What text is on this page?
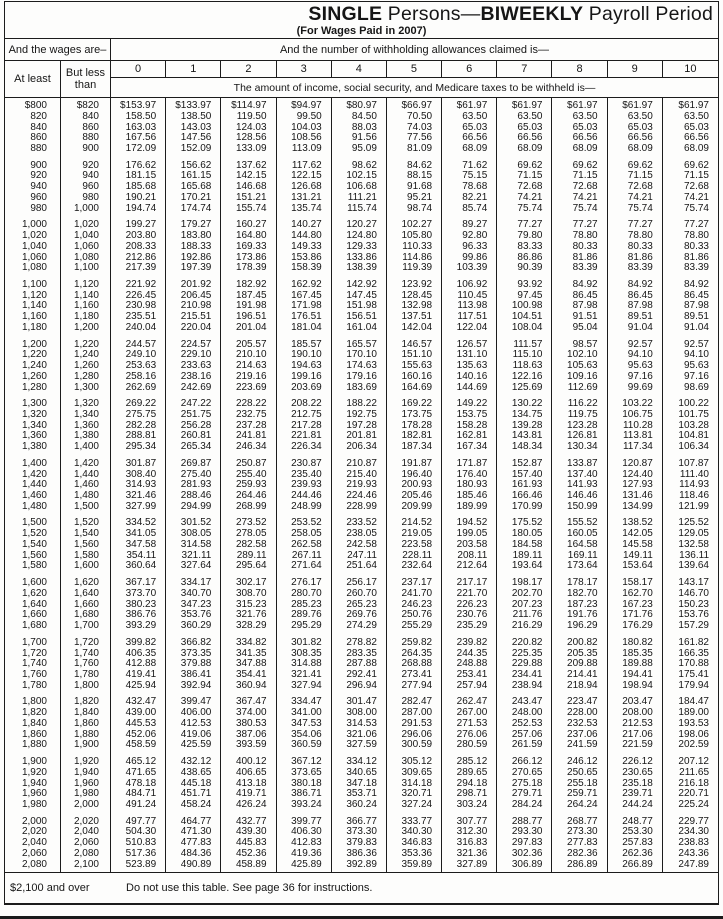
SINGLE Persons—BIWEEKLY Payroll Period
(For Wages Paid in 2007)
And the wages are–	And the number of withholding allowances claimed is—
At least	But less
than
0	1	2	3	4	5	6	7	8	9	10
The amount of income, social security, and Medicare taxes to be withheld is—
$800	$820	$153.97	$133.97	$114.97	$94.97	$80.97	$66.97	$61.97	$61.97	$61.97	$61.97	$61.97
820	840	158.50	138.50	119.50	99.50	84.50	70.50	63.50	63.50	63.50	63.50	63.50
840	860	163.03	143.03	124.03	104.03	88.03	74.03	65.03	65.03	65.03	65.03	65.03
860	880	167.56	147.56	128.56	108.56	91.56	77.56	66.56	66.56	66.56	66.56	66.56
880	900	172.09	152.09	133.09	113.09	95.09	81.09	68.09	68.09	68.09	68.09	68.09
900	920	176.62	156.62	137.62	117.62	98.62	84.62	71.62	69.62	69.62	69.62	69.62
920	940	181.15	161.15	142.15	122.15	102.15	88.15	75.15	71.15	71.15	71.15	71.15
940	960	185.68	165.68	146.68	126.68	106.68	91.68	78.68	72.68	72.68	72.68	72.68
960	980	190.21	170.21	151.21	131.21	111.21	95.21	82.21	74.21	74.21	74.21	74.21
980	1,000	194.74	174.74	155.74	135.74	115.74	98.74	85.74	75.74	75.74	75.74	75.74
1,000	1,020	199.27	179.27	160.27	140.27	120.27	102.27	89.27	77.27	77.27	77.27	77.27
1,020	1,040	203.80	183.80	164.80	144.80	124.80	105.80	92.80	79.80	78.80	78.80	78.80
1,040	1,060	208.33	188.33	169.33	149.33	129.33	110.33	96.33	83.33	80.33	80.33	80.33
1,060	1,080	212.86	192.86	173.86	153.86	133.86	114.86	99.86	86.86	81.86	81.86	81.86
1,080	1,100	217.39	197.39	178.39	158.39	138.39	119.39	103.39	90.39	83.39	83.39	83.39
1,100	1,120	221.92	201.92	182.92	162.92	142.92	123.92	106.92	93.92	84.92	84.92	84.92
1,120	1,140	226.45	206.45	187.45	167.45	147.45	128.45	110.45	97.45	86.45	86.45	86.45
1,140	1,160	230.98	210.98	191.98	171.98	151.98	132.98	113.98	100.98	87.98	87.98	87.98
1,160	1,180	235.51	215.51	196.51	176.51	156.51	137.51	117.51	104.51	91.51	89.51	89.51
1,180	1,200	240.04	220.04	201.04	181.04	161.04	142.04	122.04	108.04	95.04	91.04	91.04
1,200	1,220	244.57	224.57	205.57	185.57	165.57	146.57	126.57	111.57	98.57	92.57	92.57
1,220	1,240	249.10	229.10	210.10	190.10	170.10	151.10	131.10	115.10	102.10	94.10	94.10
1,240	1,260	253.63	233.63	214.63	194.63	174.63	155.63	135.63	118.63	105.63	95.63	95.63
1,260	1,280	258.16	238.16	219.16	199.16	179.16	160.16	140.16	122.16	109.16	97.16	97.16
1,280	1,300	262.69	242.69	223.69	203.69	183.69	164.69	144.69	125.69	112.69	99.69	98.69
1,300	1,320	269.22	247.22	228.22	208.22	188.22	169.22	149.22	130.22	116.22	103.22	100.22
1,320	1,340	275.75	251.75	232.75	212.75	192.75	173.75	153.75	134.75	119.75	106.75	101.75
1,340	1,360	282.28	256.28	237.28	217.28	197.28	178.28	158.28	139.28	123.28	110.28	103.28
1,360	1,380	288.81	260.81	241.81	221.81	201.81	182.81	162.81	143.81	126.81	113.81	104.81
1,380	1,400	295.34	265.34	246.34	226.34	206.34	187.34	167.34	148.34	130.34	117.34	106.34
1,400	1,420	301.87	269.87	250.87	230.87	210.87	191.87	171.87	152.87	133.87	120.87	107.87
1,420	1,440	308.40	275.40	255.40	235.40	215.40	196.40	176.40	157.40	137.40	124.40	111.40
1,440	1,460	314.93	281.93	259.93	239.93	219.93	200.93	180.93	161.93	141.93	127.93	114.93
1,460	1,480	321.46	288.46	264.46	244.46	224.46	205.46	185.46	166.46	146.46	131.46	118.46
1,480	1,500	327.99	294.99	268.99	248.99	228.99	209.99	189.99	170.99	150.99	134.99	121.99
1,500	1,520	334.52	301.52	273.52	253.52	233.52	214.52	194.52	175.52	155.52	138.52	125.52
1,520	1,540	341.05	308.05	278.05	258.05	238.05	219.05	199.05	180.05	160.05	142.05	129.05
1,540	1,560	347.58	314.58	282.58	262.58	242.58	223.58	203.58	184.58	164.58	145.58	132.58
1,560	1,580	354.11	321.11	289.11	267.11	247.11	228.11	208.11	189.11	169.11	149.11	136.11
1,580	1,600	360.64	327.64	295.64	271.64	251.64	232.64	212.64	193.64	173.64	153.64	139.64
1,600	1,620	367.17	334.17	302.17	276.17	256.17	237.17	217.17	198.17	178.17	158.17	143.17
1,620	1,640	373.70	340.70	308.70	280.70	260.70	241.70	221.70	202.70	182.70	162.70	146.70
1,640	1,660	380.23	347.23	315.23	285.23	265.23	246.23	226.23	207.23	187.23	167.23	150.23
1,660	1,680	386.76	353.76	321.76	289.76	269.76	250.76	230.76	211.76	191.76	171.76	153.76
1,680	1,700	393.29	360.29	328.29	295.29	274.29	255.29	235.29	216.29	196.29	176.29	157.29
1,700	1,720	399.82	366.82	334.82	301.82	278.82	259.82	239.82	220.82	200.82	180.82	161.82
1,720	1,740	406.35	373.35	341.35	308.35	283.35	264.35	244.35	225.35	205.35	185.35	166.35
1,740	1,760	412.88	379.88	347.88	314.88	287.88	268.88	248.88	229.88	209.88	189.88	170.88
1,760	1,780	419.41	386.41	354.41	321.41	292.41	273.41	253.41	234.41	214.41	194.41	175.41
1,780	1,800	425.94	392.94	360.94	327.94	296.94	277.94	257.94	238.94	218.94	198.94	179.94
1,800	1,820	432.47	399.47	367.47	334.47	301.47	282.47	262.47	243.47	223.47	203.47	184.47
1,820	1,840	439.00	406.00	374.00	341.00	308.00	287.00	267.00	248.00	228.00	208.00	189.00
1,840	1,860	445.53	412.53	380.53	347.53	314.53	291.53	271.53	252.53	232.53	212.53	193.53
1,860	1,880	452.06	419.06	387.06	354.06	321.06	296.06	276.06	257.06	237.06	217.06	198.06
1,880	1,900	458.59	425.59	393.59	360.59	327.59	300.59	280.59	261.59	241.59	221.59	202.59
1,900	1,920	465.12	432.12	400.12	367.12	334.12	305.12	285.12	266.12	246.12	226.12	207.12
1,920	1,940	471.65	438.65	406.65	373.65	340.65	309.65	289.65	270.65	250.65	230.65	211.65
1,940	1,960	478.18	445.18	413.18	380.18	347.18	314.18	294.18	275.18	255.18	235.18	216.18
1,960	1,980	484.71	451.71	419.71	386.71	353.71	320.71	298.71	279.71	259.71	239.71	220.71
1,980	2,000	491.24	458.24	426.24	393.24	360.24	327.24	303.24	284.24	264.24	244.24	225.24
2,000	2,020	497.77	464.77	432.77	399.77	366.77	333.77	307.77	288.77	268.77	248.77	229.77
2,020	2,040	504.30	471.30	439.30	406.30	373.30	340.30	312.30	293.30	273.30	253.30	234.30
2,040	2,060	510.83	477.83	445.83	412.83	379.83	346.83	316.83	297.83	277.83	257.83	238.83
2,060	2,080	517.36	484.36	452.36	419.36	386.36	353.36	321.36	302.36	282.36	262.36	243.36
2,080	2,100	523.89	490.89	458.89	425.89	392.89	359.89	327.89	306.89	286.89	266.89	247.89
$2,100 and over	Do not use this table. See page 36 for instructions.
